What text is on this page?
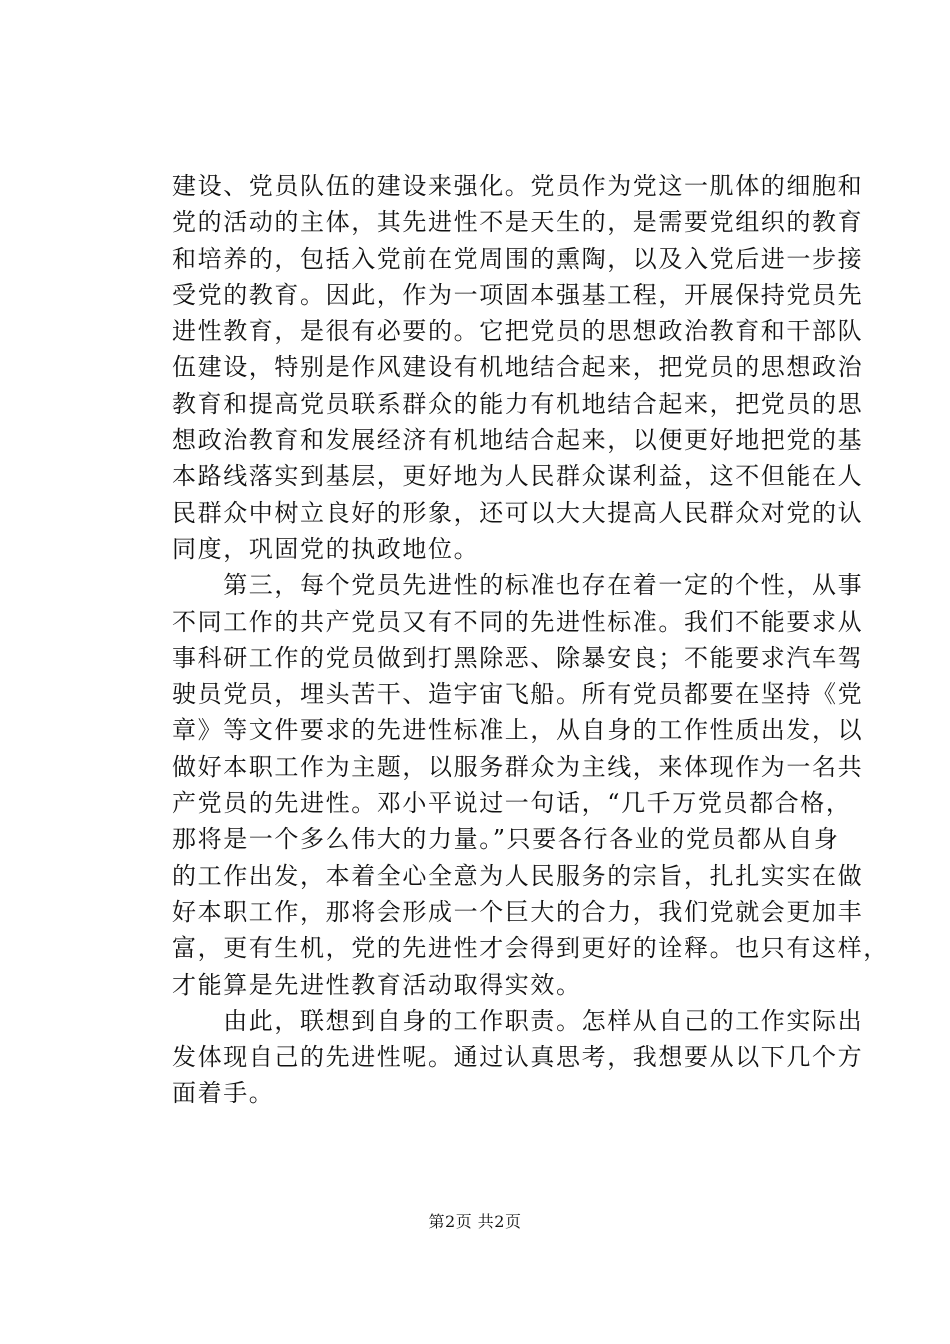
建设、党员队伍的建设来强化。党员作为党这一肌体的细胞和
党的活动的主体，其先进性不是天生的，是需要党组织的教育
和培养的，包括入党前在党周围的熏陶，以及入党后进一步接
受党的教育。因此，作为一项固本强基工程，开展保持党员先
进性教育，是很有必要的。它把党员的思想政治教育和干部队
伍建设，特别是作风建设有机地结合起来，把党员的思想政治
教育和提高党员联系群众的能力有机地结合起来，把党员的思
想政治教育和发展经济有机地结合起来，以便更好地把党的基
本路线落实到基层，更好地为人民群众谋利益，这不但能在人
民群众中树立良好的形象，还可以大大提高人民群众对党的认
同度，巩固党的执政地位。
　　第三，每个党员先进性的标准也存在着一定的个性，从事
不同工作的共产党员又有不同的先进性标准。我们不能要求从
事科研工作的党员做到打黑除恶、除暴安良；不能要求汽车驾
驶员党员，埋头苦干、造宇宙飞船。所有党员都要在坚持《党
章》等文件要求的先进性标准上，从自身的工作性质出发，以
做好本职工作为主题，以服务群众为主线，来体现作为一名共
产党员的先进性。邓小平说过一句话，“几千万党员都合格，
那将是一个多么伟大的力量。”只要各行各业的党员都从自身
的工作出发，本着全心全意为人民服务的宗旨，扎扎实实在做
好本职工作，那将会形成一个巨大的合力，我们党就会更加丰
富，更有生机，党的先进性才会得到更好的诠释。也只有这样，
才能算是先进性教育活动取得实效。
　　由此，联想到自身的工作职责。怎样从自己的工作实际出
发体现自己的先进性呢。通过认真思考，我想要从以下几个方
面着手。
第2页 共2页
